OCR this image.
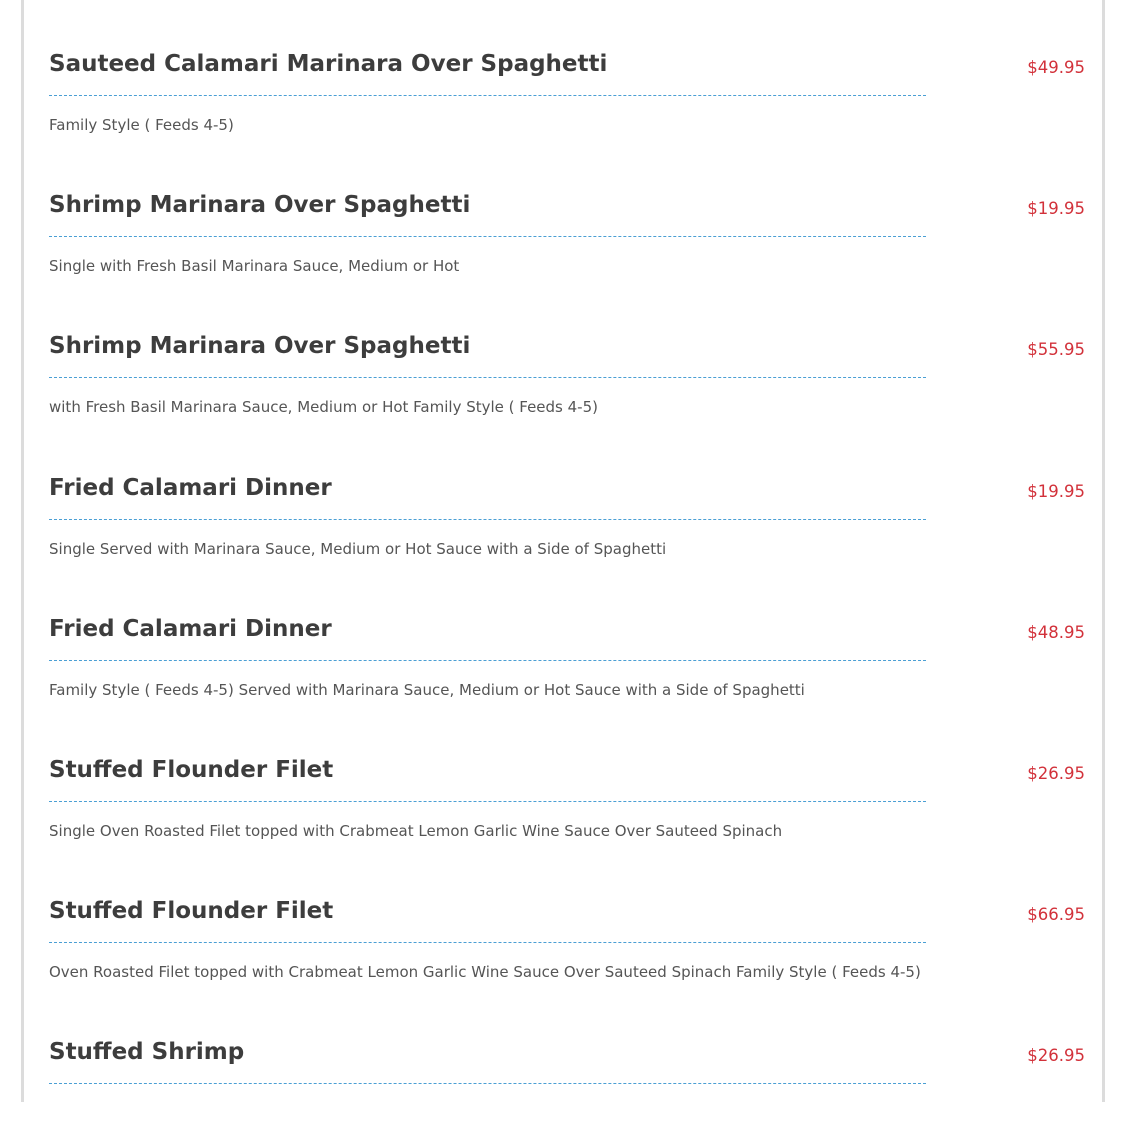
Sauteed Calamari Marinara Over Spaghetti	$49.95
Family Style ( Feeds 4-5)
Shrimp Marinara Over Spaghetti	$19.95
Single with Fresh Basil Marinara Sauce, Medium or Hot
Shrimp Marinara Over Spaghetti	$55.95
with Fresh Basil Marinara Sauce, Medium or Hot Family Style ( Feeds 4-5)
Fried Calamari Dinner	$19.95
Single Served with Marinara Sauce, Medium or Hot Sauce with a Side of Spaghetti
Fried Calamari Dinner	$48.95
Family Style ( Feeds 4-5) Served with Marinara Sauce, Medium or Hot Sauce with a Side of Spaghetti
Stuffed Flounder Filet	$26.95
Single Oven Roasted Filet topped with Crabmeat Lemon Garlic Wine Sauce Over Sauteed Spinach
Stuffed Flounder Filet	$66.95
Oven Roasted Filet topped with Crabmeat Lemon Garlic Wine Sauce Over Sauteed Spinach Family Style ( Feeds 4-5)
Stuffed Shrimp	$26.95
